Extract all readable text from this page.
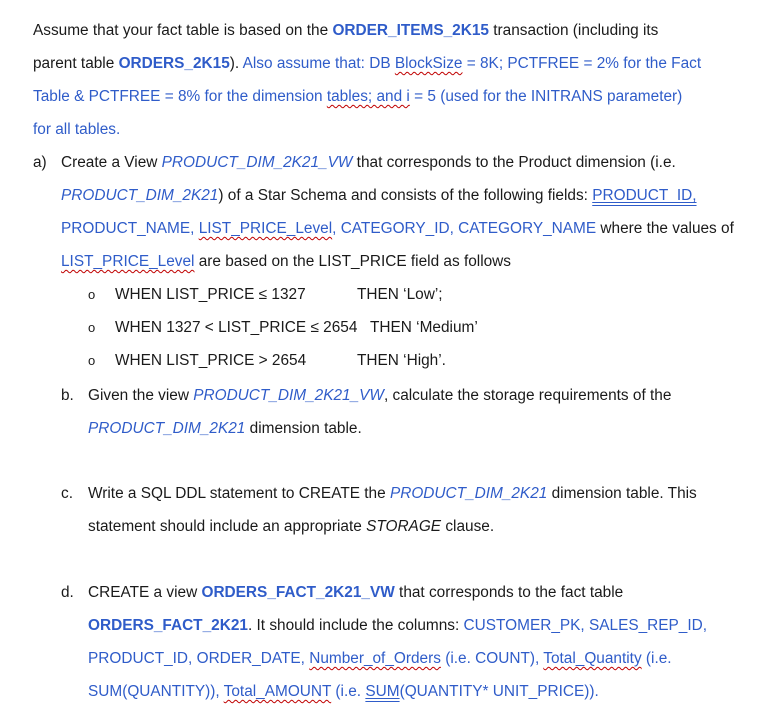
Assume that your fact table is based on the ORDER_ITEMS_2K15 transaction (including its
parent table ORDERS_2K15). Also assume that: DB BlockSize = 8K; PCTFREE = 2% for the Fact
Table & PCTFREE = 8% for the dimension tables; and i = 5 (used for the INITRANS parameter)
for all tables.
a) Create a View PRODUCT_DIM_2K21_VW that corresponds to the Product dimension (i.e.
PRODUCT_DIM_2K21) of a Star Schema and consists of the following fields: PRODUCT_ID,
PRODUCT_NAME, LIST_PRICE_Level, CATEGORY_ID, CATEGORY_NAME where the values of
LIST_PRICE_Level are based on the LIST_PRICE field as follows
o WHEN LIST_PRICE ≤ 1327	THEN ‘Low’;
o WHEN 1327 < LIST_PRICE ≤ 2654 THEN ‘Medium’
o WHEN LIST_PRICE > 2654	THEN ‘High’.
b. Given the view PRODUCT_DIM_2K21_VW, calculate the storage requirements of the
PRODUCT_DIM_2K21 dimension table.
c. Write a SQL DDL statement to CREATE the PRODUCT_DIM_2K21 dimension table. This
statement should include an appropriate STORAGE clause.
d. CREATE a view ORDERS_FACT_2K21_VW that corresponds to the fact table
ORDERS_FACT_2K21. It should include the columns: CUSTOMER_PK, SALES_REP_ID,
PRODUCT_ID, ORDER_DATE, Number_of_Orders (i.e. COUNT), Total_Quantity (i.e.
SUM(QUANTITY)), Total_AMOUNT (i.e. SUM(QUANTITY* UNIT_PRICE)).
